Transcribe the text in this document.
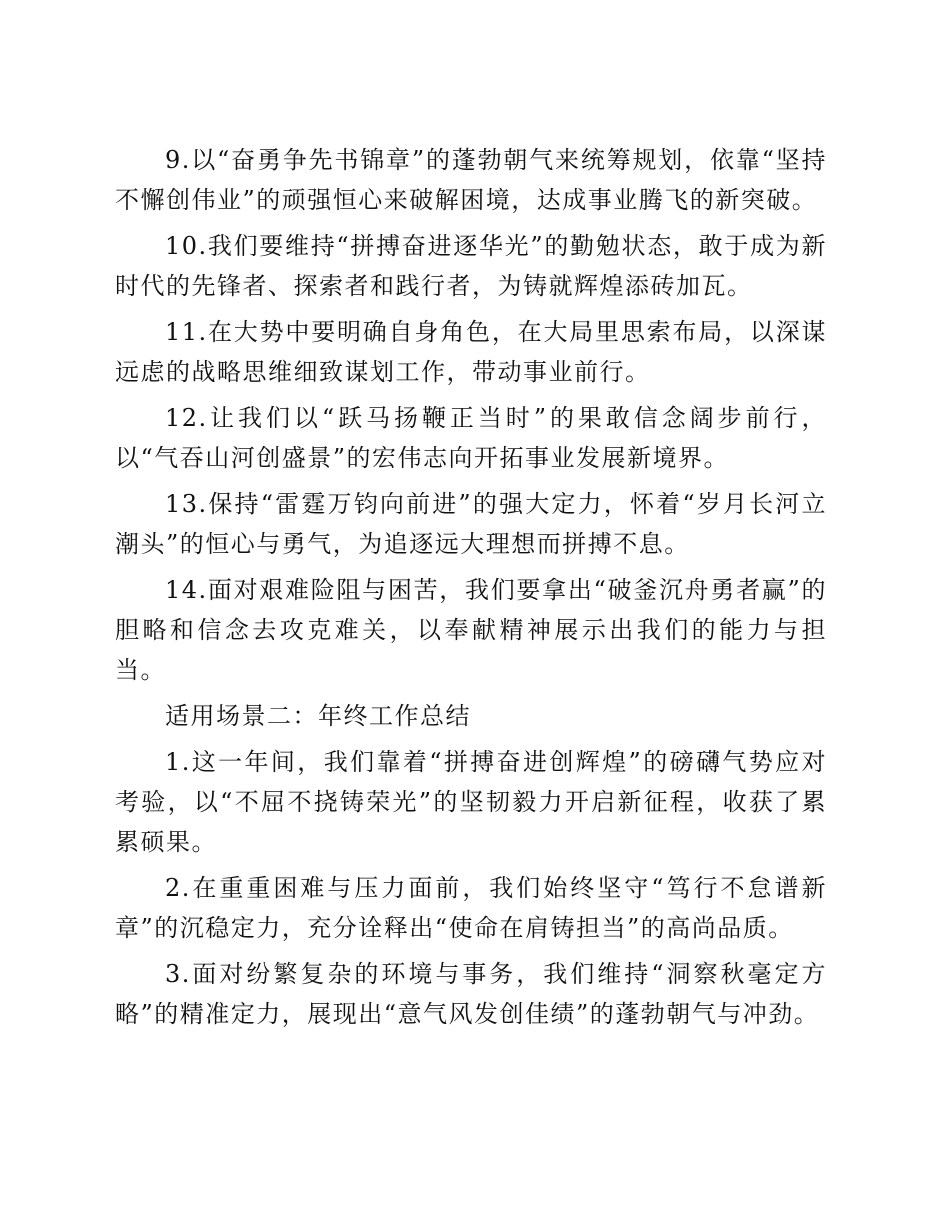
9.以“奋勇争先书锦章”的蓬勃朝气来统筹规划，依靠“坚持不懈创伟业”的顽强恒心来破解困境，达成事业腾飞的新突破。

10.我们要维持“拼搏奋进逐华光”的勤勉状态，敢于成为新时代的先锋者、探索者和践行者，为铸就辉煌添砖加瓦。

11.在大势中要明确自身角色，在大局里思索布局，以深谋远虑的战略思维细致谋划工作，带动事业前行。

12.让我们以“跃马扬鞭正当时”的果敢信念阔步前行，以“气吞山河创盛景”的宏伟志向开拓事业发展新境界。

13.保持“雷霆万钧向前进”的强大定力，怀着“岁月长河立潮头”的恒心与勇气，为追逐远大理想而拼搏不息。

14.面对艰难险阻与困苦，我们要拿出“破釜沉舟勇者赢”的胆略和信念去攻克难关，以奉献精神展示出我们的能力与担当。

适用场景二：年终工作总结

1.这一年间，我们靠着“拼搏奋进创辉煌”的磅礴气势应对考验，以“不屈不挠铸荣光”的坚韧毅力开启新征程，收获了累累硕果。

2.在重重困难与压力面前，我们始终坚守“笃行不怠谱新章”的沉稳定力，充分诠释出“使命在肩铸担当”的高尚品质。

3.面对纷繁复杂的环境与事务，我们维持“洞察秋毫定方略”的精准定力，展现出“意气风发创佳绩”的蓬勃朝气与冲劲。
